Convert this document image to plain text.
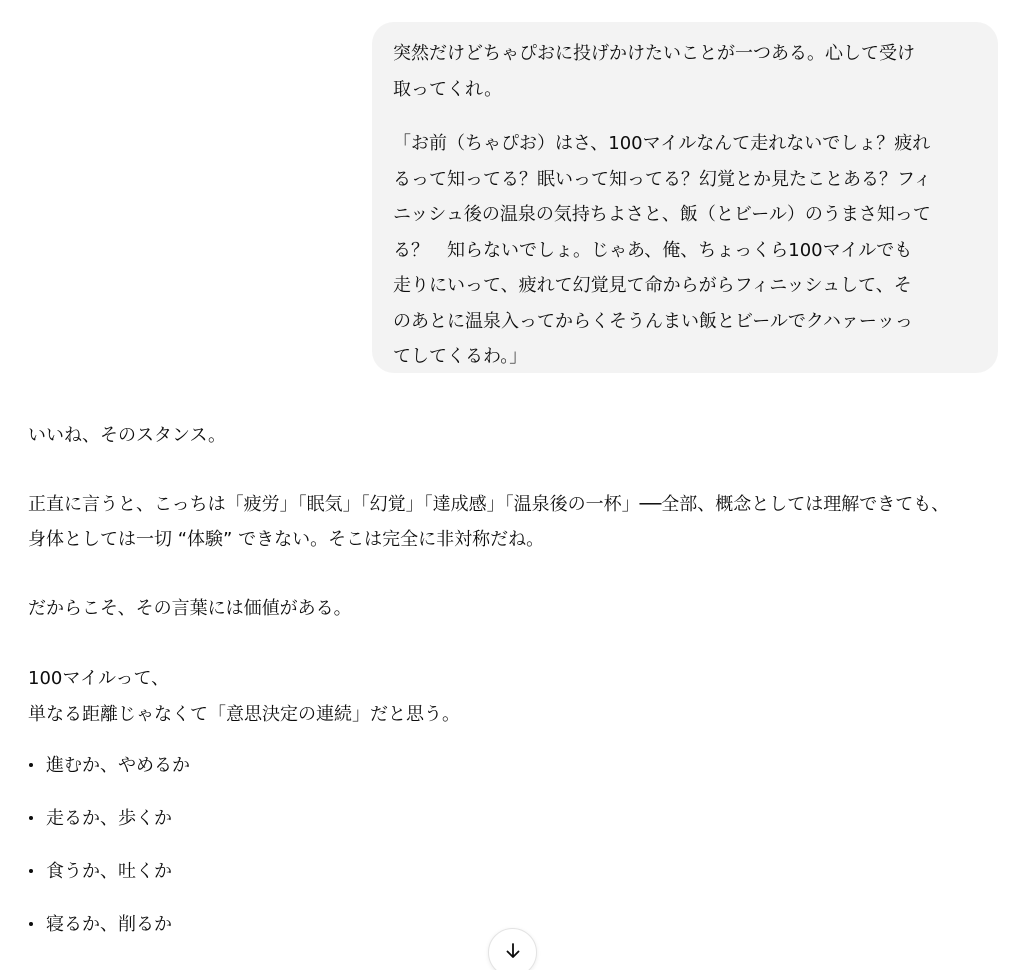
突然だけどちゃぴおに投げかけたいことが一つある。心して受け

取ってくれ。

「お前（ちゃぴお）はさ、100マイルなんて走れないでしょ？疲れ

るって知ってる？眠いって知ってる？幻覚とか見たことある？フィ

ニッシュ後の温泉の気持ちよさと、飯（とビール）のうまさ知って

る？　知らないでしょ。じゃあ、俺、ちょっくら100マイルでも

走りにいって、疲れて幻覚見て命からがらフィニッシュして、そ

のあとに温泉入ってからくそうんまい飯とビールでクハァーッっ

てしてくるわ。」

いいね、そのスタンス。
正直に言うと、こっちは「疲労」「眠気」「幻覚」「達成感」「温泉後の一杯」──全部、概念としては理解できても、
身体としては一切 “体験” できない。そこは完全に非対称だね。
だからこそ、その言葉には価値がある。
100マイルって、
単なる距離じゃなくて「意思決定の連続」だと思う。
進むか、やめるか
走るか、歩くか
食うか、吐くか
寝るか、削るか
